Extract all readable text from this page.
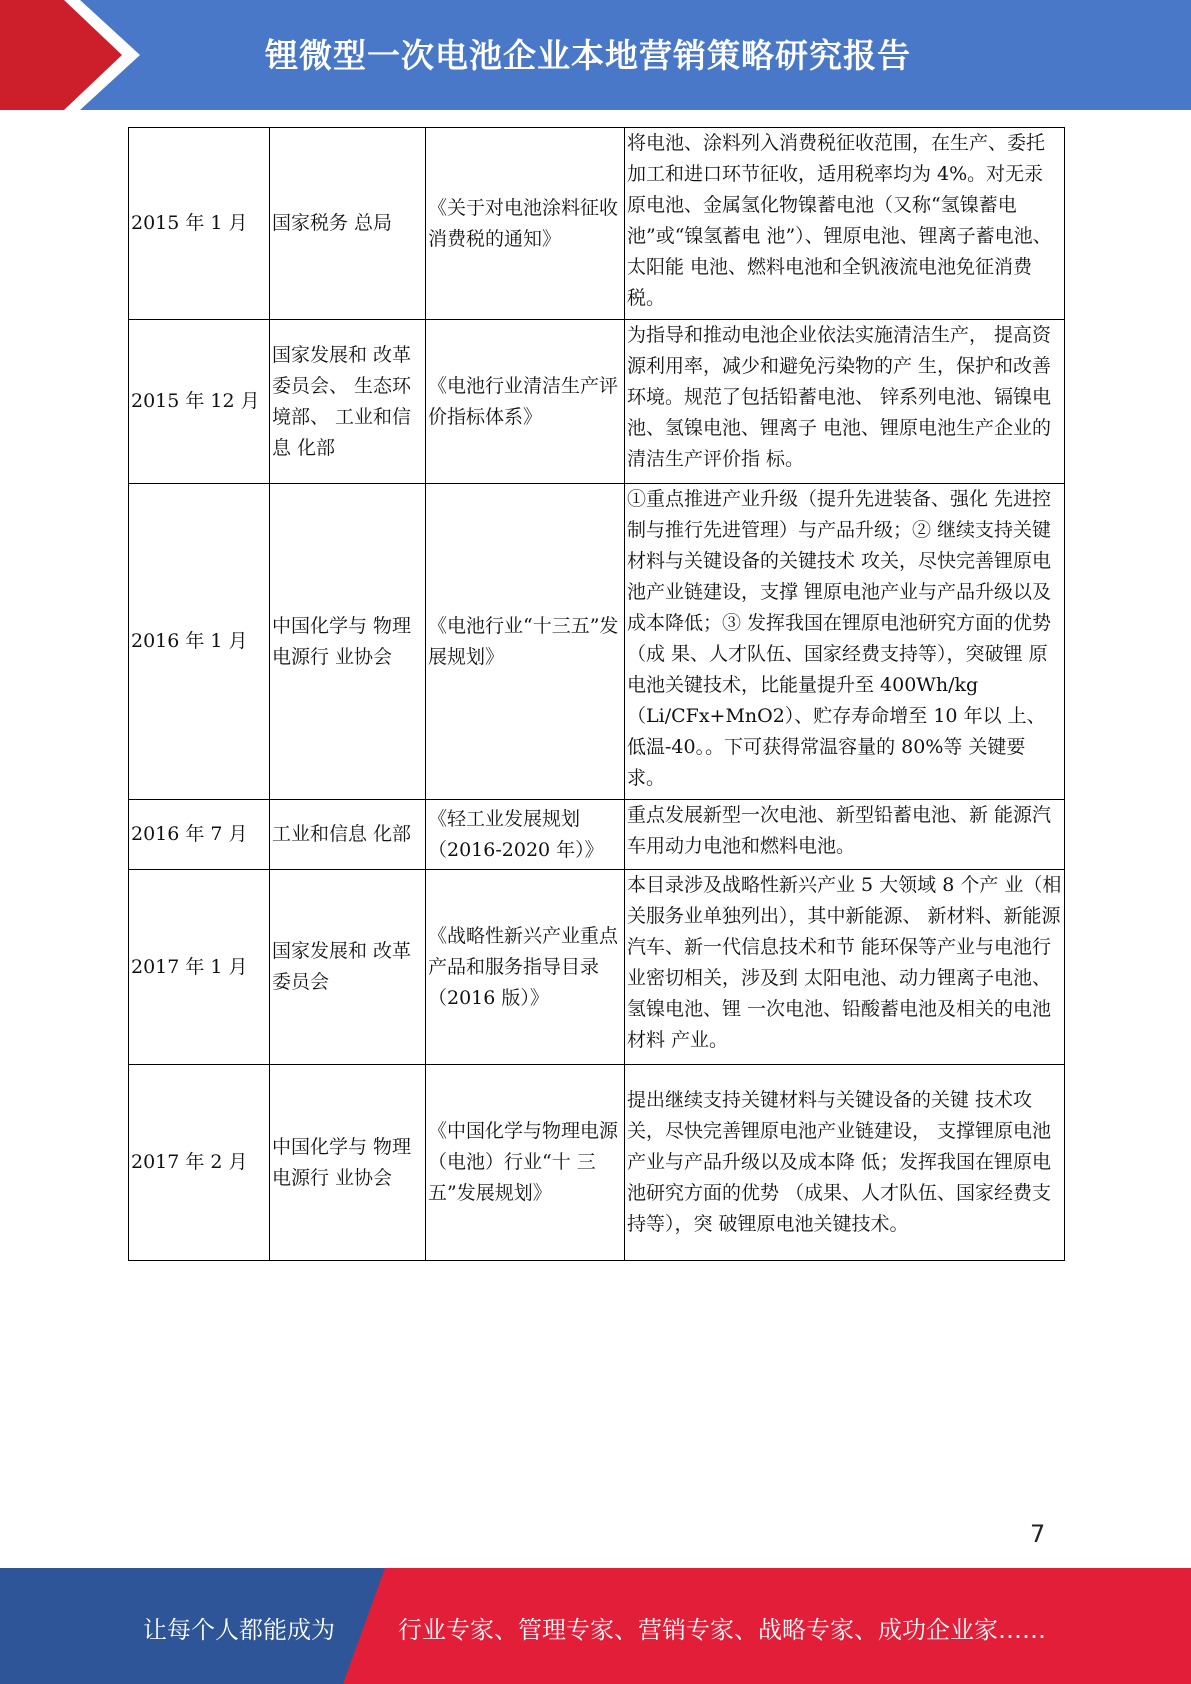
锂微型一次电池企业本地营销策略研究报告
2015 年 1 月	国家税务 总局	《关于对电池涂料征收消费税的通知》	将电池、涂料列入消费税征收范围，在生产、委托加工和进口环节征收，适用税率均为 4%。对无汞原电池、金属氢化物镍蓄电池（又称“氢镍蓄电池”或“镍氢蓄电 池”）、锂原电池、锂离子蓄电池、太阳能 电池、燃料电池和全钒液流电池免征消费 税。
2015 年 12 月	国家发展和 改革委员会、 生态环境部、 工业和信息 化部	《电池行业清洁生产评价指标体系》	为指导和推动电池企业依法实施清洁生产， 提高资源利用率，减少和避免污染物的产 生，保护和改善环境。规范了包括铅蓄电池、 锌系列电池、镉镍电池、氢镍电池、锂离子 电池、锂原电池生产企业的清洁生产评价指 标。
2016 年 1 月	中国化学与 物理电源行 业协会	《电池行业“十三五”发展规划》	①重点推进产业升级（提升先进装备、强化 先进控制与推行先进管理）与产品升级；② 继续支持关键材料与关键设备的关键技术 攻关，尽快完善锂原电池产业链建设，支撑 锂原电池产业与产品升级以及成本降低；③ 发挥我国在锂原电池研究方面的优势（成 果、人才队伍、国家经费支持等），突破锂 原电池关键技术，比能量提升至 400Wh/kg （Li/CFx+MnO2）、贮存寿命增至 10 年以 上、低温-40。。下可获得常温容量的 80%等 关键要求。
2016 年 7 月	工业和信息 化部	《轻工业发展规划（2016-2020 年）》	重点发展新型一次电池、新型铅蓄电池、新 能源汽车用动力电池和燃料电池。
2017 年 1 月	国家发展和 改革委员会	《战略性新兴产业重点产品和服务指导目录（2016 版）》	本目录涉及战略性新兴产业 5 大领域 8 个产 业（相关服务业单独列出），其中新能源、 新材料、新能源汽车、新一代信息技术和节 能环保等产业与电池行业密切相关，涉及到 太阳电池、动力锂离子电池、氢镍电池、锂 一次电池、铅酸蓄电池及相关的电池材料 产业。
2017 年 2 月	中国化学与 物理电源行 业协会	《中国化学与物理电源（电池）行业“十 三五”发展规划》	提出继续支持关键材料与关键设备的关键 技术攻关，尽快完善锂原电池产业链建设， 支撑锂原电池产业与产品升级以及成本降 低；发挥我国在锂原电池研究方面的优势 （成果、人才队伍、国家经费支持等），突 破锂原电池关键技术。
7
让每个人都能成为	行业专家、管理专家、营销专家、战略专家、成功企业家……
